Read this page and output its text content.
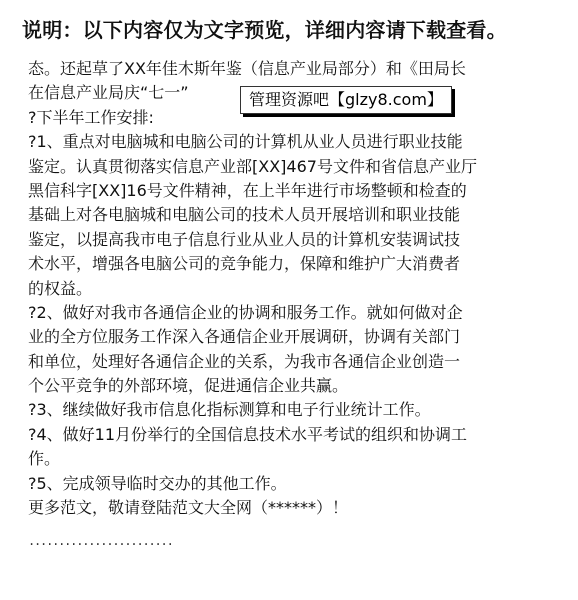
说明：以下内容仅为文字预览，详细内容请下载查看。
态。还起草了XX年佳木斯年鉴（信息产业局部分）和《田局长
在信息产业局庆“七一”
?下半年工作安排:
?1、重点对电脑城和电脑公司的计算机从业人员进行职业技能
鉴定。认真贯彻落实信息产业部[XX]467号文件和省信息产业厅
黑信科字[XX]16号文件精神，在上半年进行市场整顿和检查的
基础上对各电脑城和电脑公司的技术人员开展培训和职业技能
鉴定，以提高我市电子信息行业从业人员的计算机安装调试技
术水平，增强各电脑公司的竞争能力，保障和维护广大消费者
的权益。
?2、做好对我市各通信企业的协调和服务工作。就如何做对企
业的全方位服务工作深入各通信企业开展调研，协调有关部门
和单位，处理好各通信企业的关系，为我市各通信企业创造一
个公平竞争的外部环境，促进通信企业共赢。
?3、继续做好我市信息化指标测算和电子行业统计工作。
?4、做好11月份举行的全国信息技术水平考试的组织和协调工
作。
?5、完成领导临时交办的其他工作。
更多范文，敬请登陆范文大全网（******）！
管理资源吧【glzy8.com】
........................
